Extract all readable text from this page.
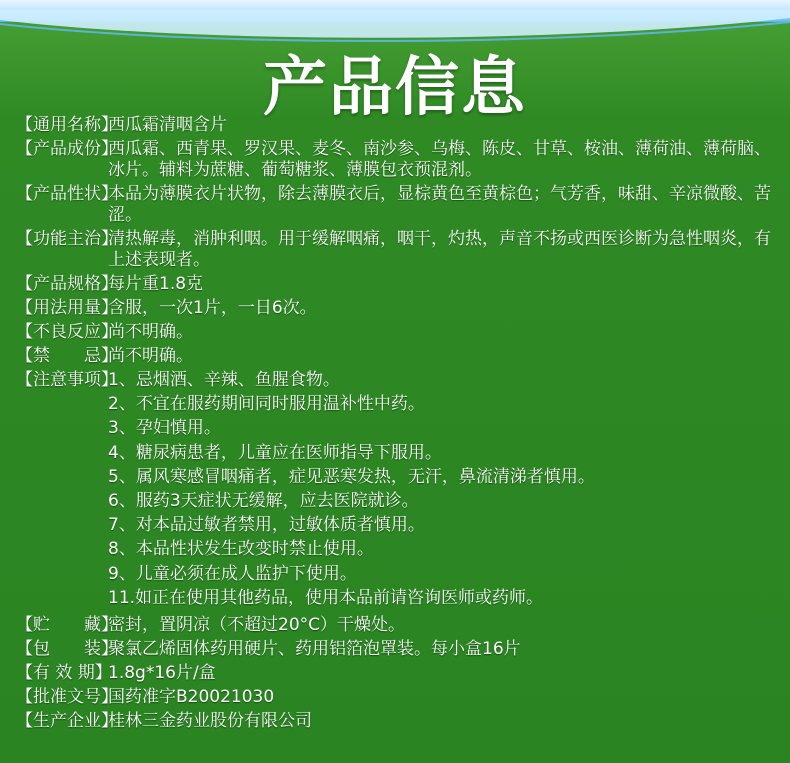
产品信息
【通用名称】
西瓜霜清咽含片
【产品成份】
西瓜霜、西青果、罗汉果、麦冬、南沙参、乌梅、陈皮、甘草、桉油、薄荷油、薄荷脑、冰片。辅料为蔗糖、葡萄糖浆、薄膜包衣预混剂。
【产品性状】
本品为薄膜衣片状物，除去薄膜衣后，显棕黄色至黄棕色；气芳香，味甜、辛凉微酸、苦涩。
【功能主治】
清热解毒，消肿利咽。用于缓解咽痛，咽干，灼热，声音不扬或西医诊断为急性咽炎，有上述表现者。
【产品规格】
每片重1.8克
【用法用量】
含服，一次1片，一日6次。
【不良反应】
尚不明确。
【禁　　忌】
尚不明确。
【注意事项】
1、忌烟酒、辛辣、鱼腥食物。
2、不宜在服药期间同时服用温补性中药。
3、孕妇慎用。
4、糖尿病患者，儿童应在医师指导下服用。
5、属风寒感冒咽痛者，症见恶寒发热，无汗，鼻流清涕者慎用。
6、服药3天症状无缓解，应去医院就诊。
7、对本品过敏者禁用，过敏体质者慎用。
8、本品性状发生改变时禁止使用。
9、儿童必须在成人监护下使用。
11.如正在使用其他药品，使用本品前请咨询医师或药师。
【贮　　藏】
密封，置阴凉（不超过20°C）干燥处。
【包　　装】
聚氯乙烯固体药用硬片、药用铝箔泡罩装。每小盒16片
【有 效 期】
1.8g*16片/盒
【批准文号】
国药准字B20021030
【生产企业】
桂林三金药业股份有限公司
